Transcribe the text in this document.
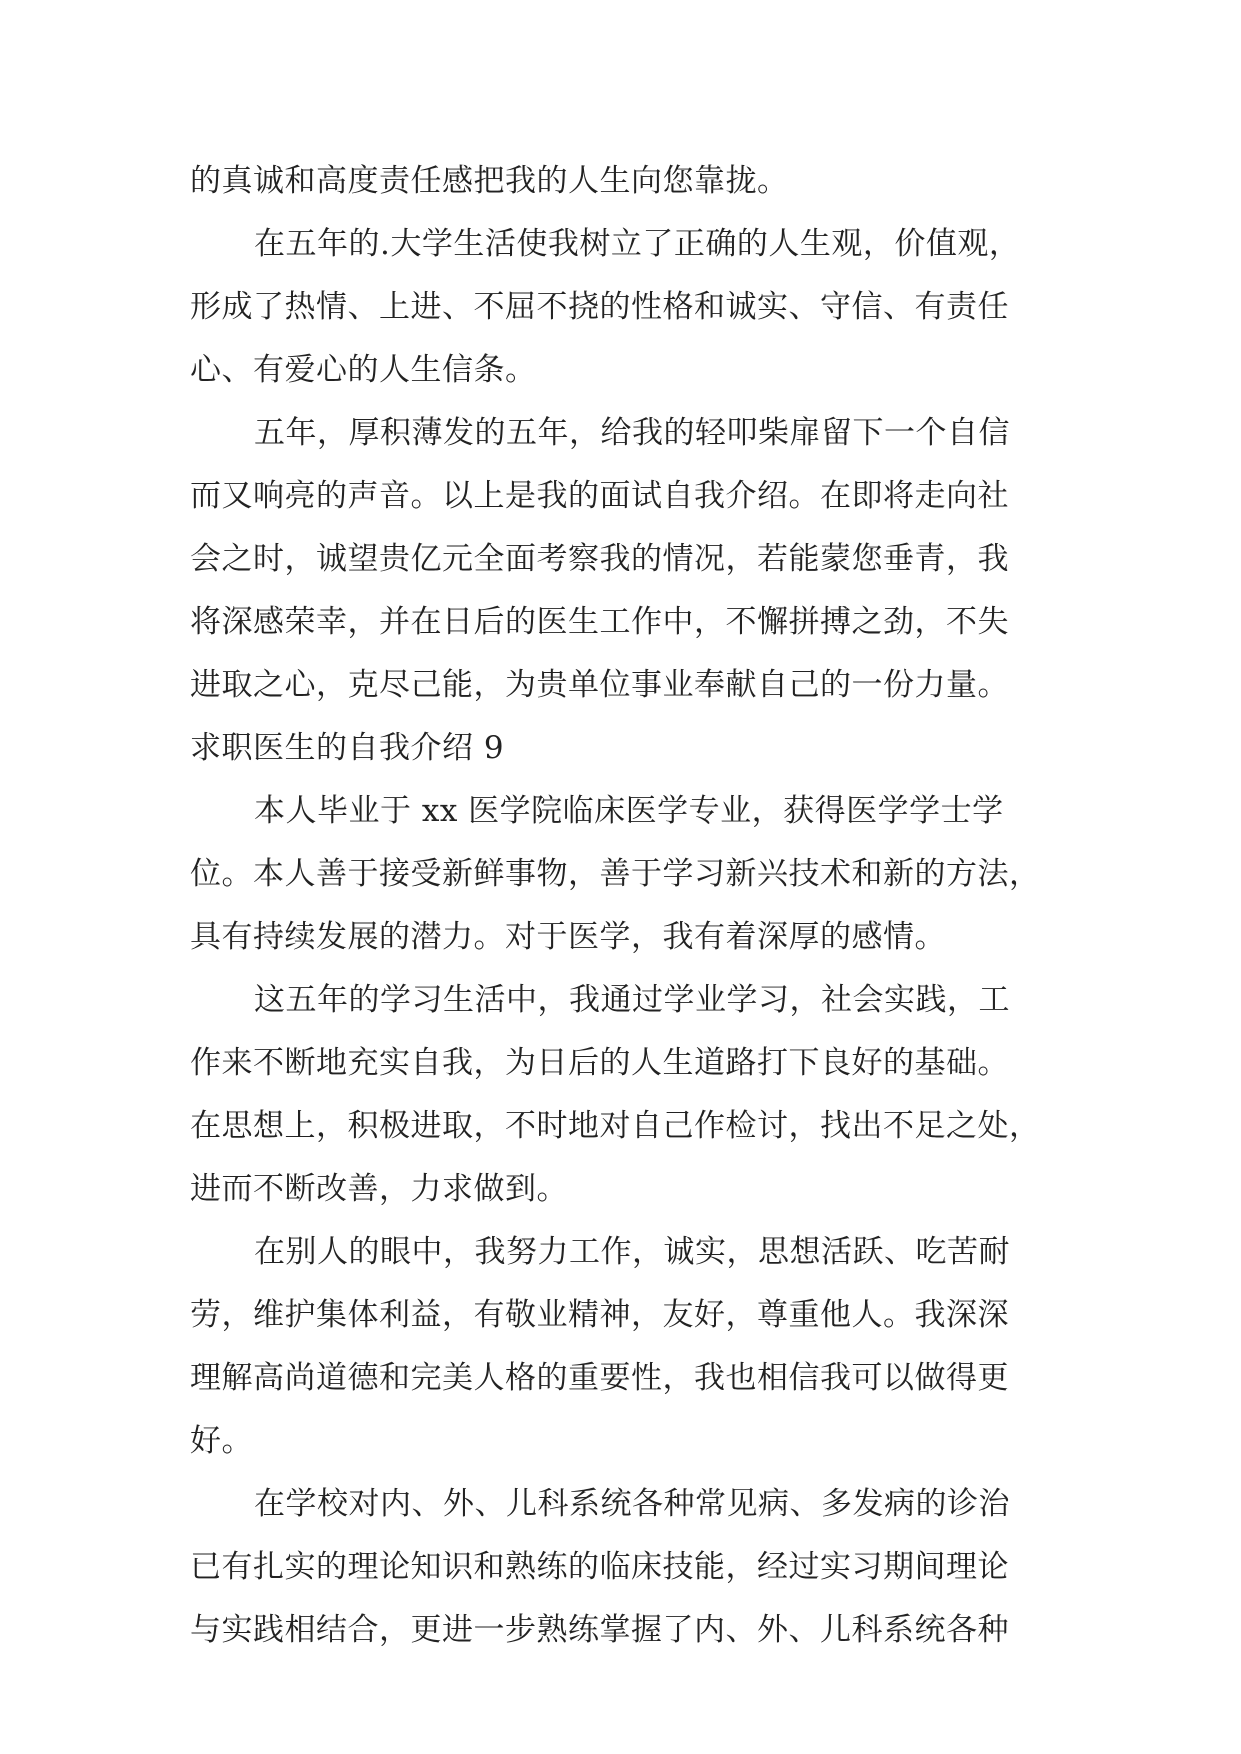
的真诚和高度责任感把我的人生向您靠拢。
在五年的.大学生活使我树立了正确的人生观，价值观，
形成了热情、上进、不屈不挠的性格和诚实、守信、有责任
心、有爱心的人生信条。
五年，厚积薄发的五年，给我的轻叩柴扉留下一个自信
而又响亮的声音。以上是我的面试自我介绍。在即将走向社
会之时，诚望贵亿元全面考察我的情况，若能蒙您垂青，我
将深感荣幸，并在日后的医生工作中，不懈拼搏之劲，不失
进取之心，克尽己能，为贵单位事业奉献自己的一份力量。
求职医生的自我介绍 9
本人毕业于 xx 医学院临床医学专业，获得医学学士学
位。本人善于接受新鲜事物，善于学习新兴技术和新的方法，
具有持续发展的潜力。对于医学，我有着深厚的感情。
这五年的学习生活中，我通过学业学习，社会实践，工
作来不断地充实自我，为日后的人生道路打下良好的基础。
在思想上，积极进取，不时地对自己作检讨，找出不足之处，
进而不断改善，力求做到。
在别人的眼中，我努力工作，诚实，思想活跃、吃苦耐
劳，维护集体利益，有敬业精神，友好，尊重他人。我深深
理解高尚道德和完美人格的重要性，我也相信我可以做得更
好。
在学校对内、外、儿科系统各种常见病、多发病的诊治
已有扎实的理论知识和熟练的临床技能，经过实习期间理论
与实践相结合，更进一步熟练掌握了内、外、儿科系统各种
